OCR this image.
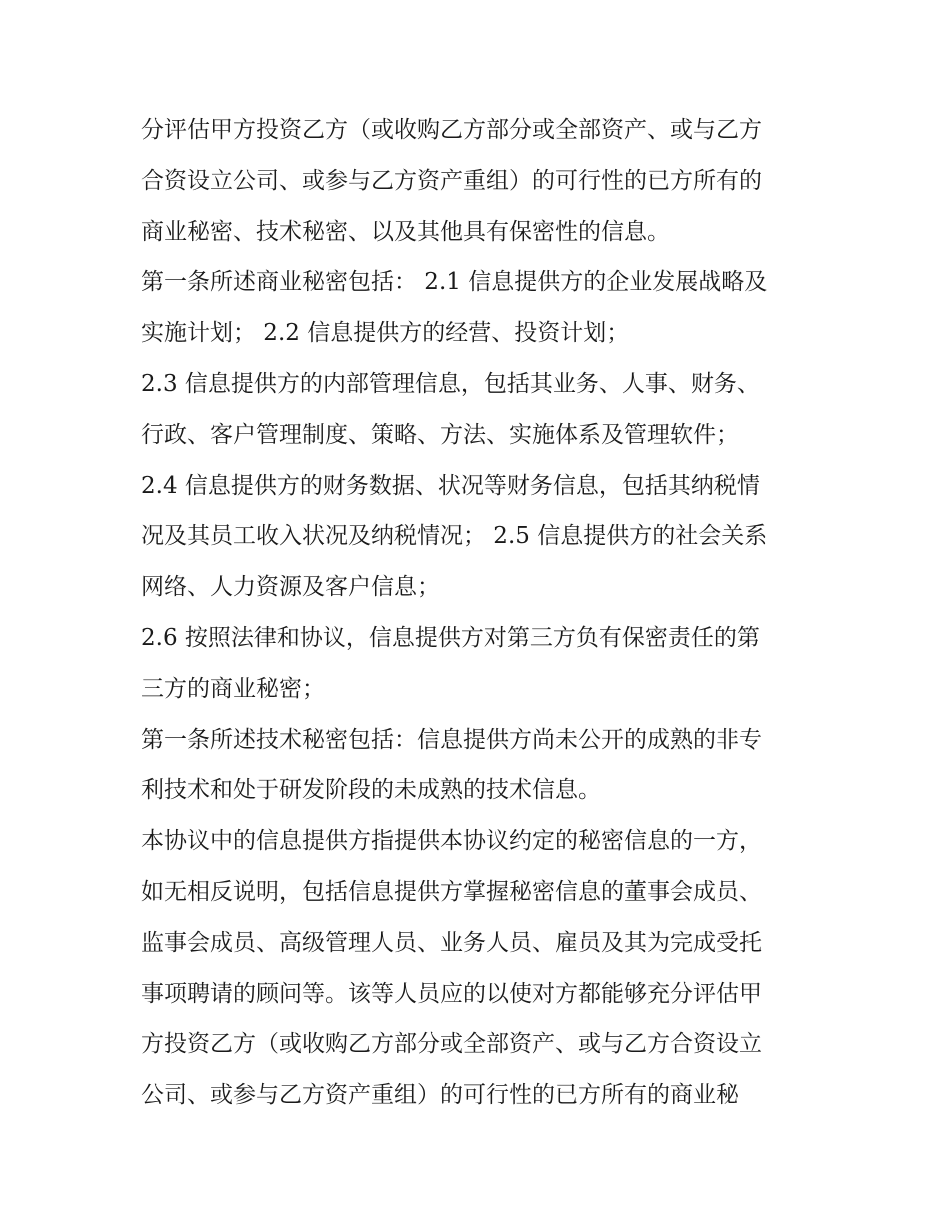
分评估甲方投资乙方（或收购乙方部分或全部资产、或与乙方
合资设立公司、或参与乙方资产重组）的可行性的已方所有的
商业秘密、技术秘密、以及其他具有保密性的信息。
第一条所述商业秘密包括： 2.1 信息提供方的企业发展战略及
实施计划； 2.2 信息提供方的经营、投资计划；
2.3 信息提供方的内部管理信息，包括其业务、人事、财务、
行政、客户管理制度、策略、方法、实施体系及管理软件；
2.4 信息提供方的财务数据、状况等财务信息，包括其纳税情
况及其员工收入状况及纳税情况； 2.5 信息提供方的社会关系
网络、人力资源及客户信息；
2.6 按照法律和协议，信息提供方对第三方负有保密责任的第
三方的商业秘密；
第一条所述技术秘密包括：信息提供方尚未公开的成熟的非专
利技术和处于研发阶段的未成熟的技术信息。
本协议中的信息提供方指提供本协议约定的秘密信息的一方，
如无相反说明，包括信息提供方掌握秘密信息的董事会成员、
监事会成员、高级管理人员、业务人员、雇员及其为完成受托
事项聘请的顾问等。该等人员应的以使对方都能够充分评估甲
方投资乙方（或收购乙方部分或全部资产、或与乙方合资设立
公司、或参与乙方资产重组）的可行性的已方所有的商业秘
